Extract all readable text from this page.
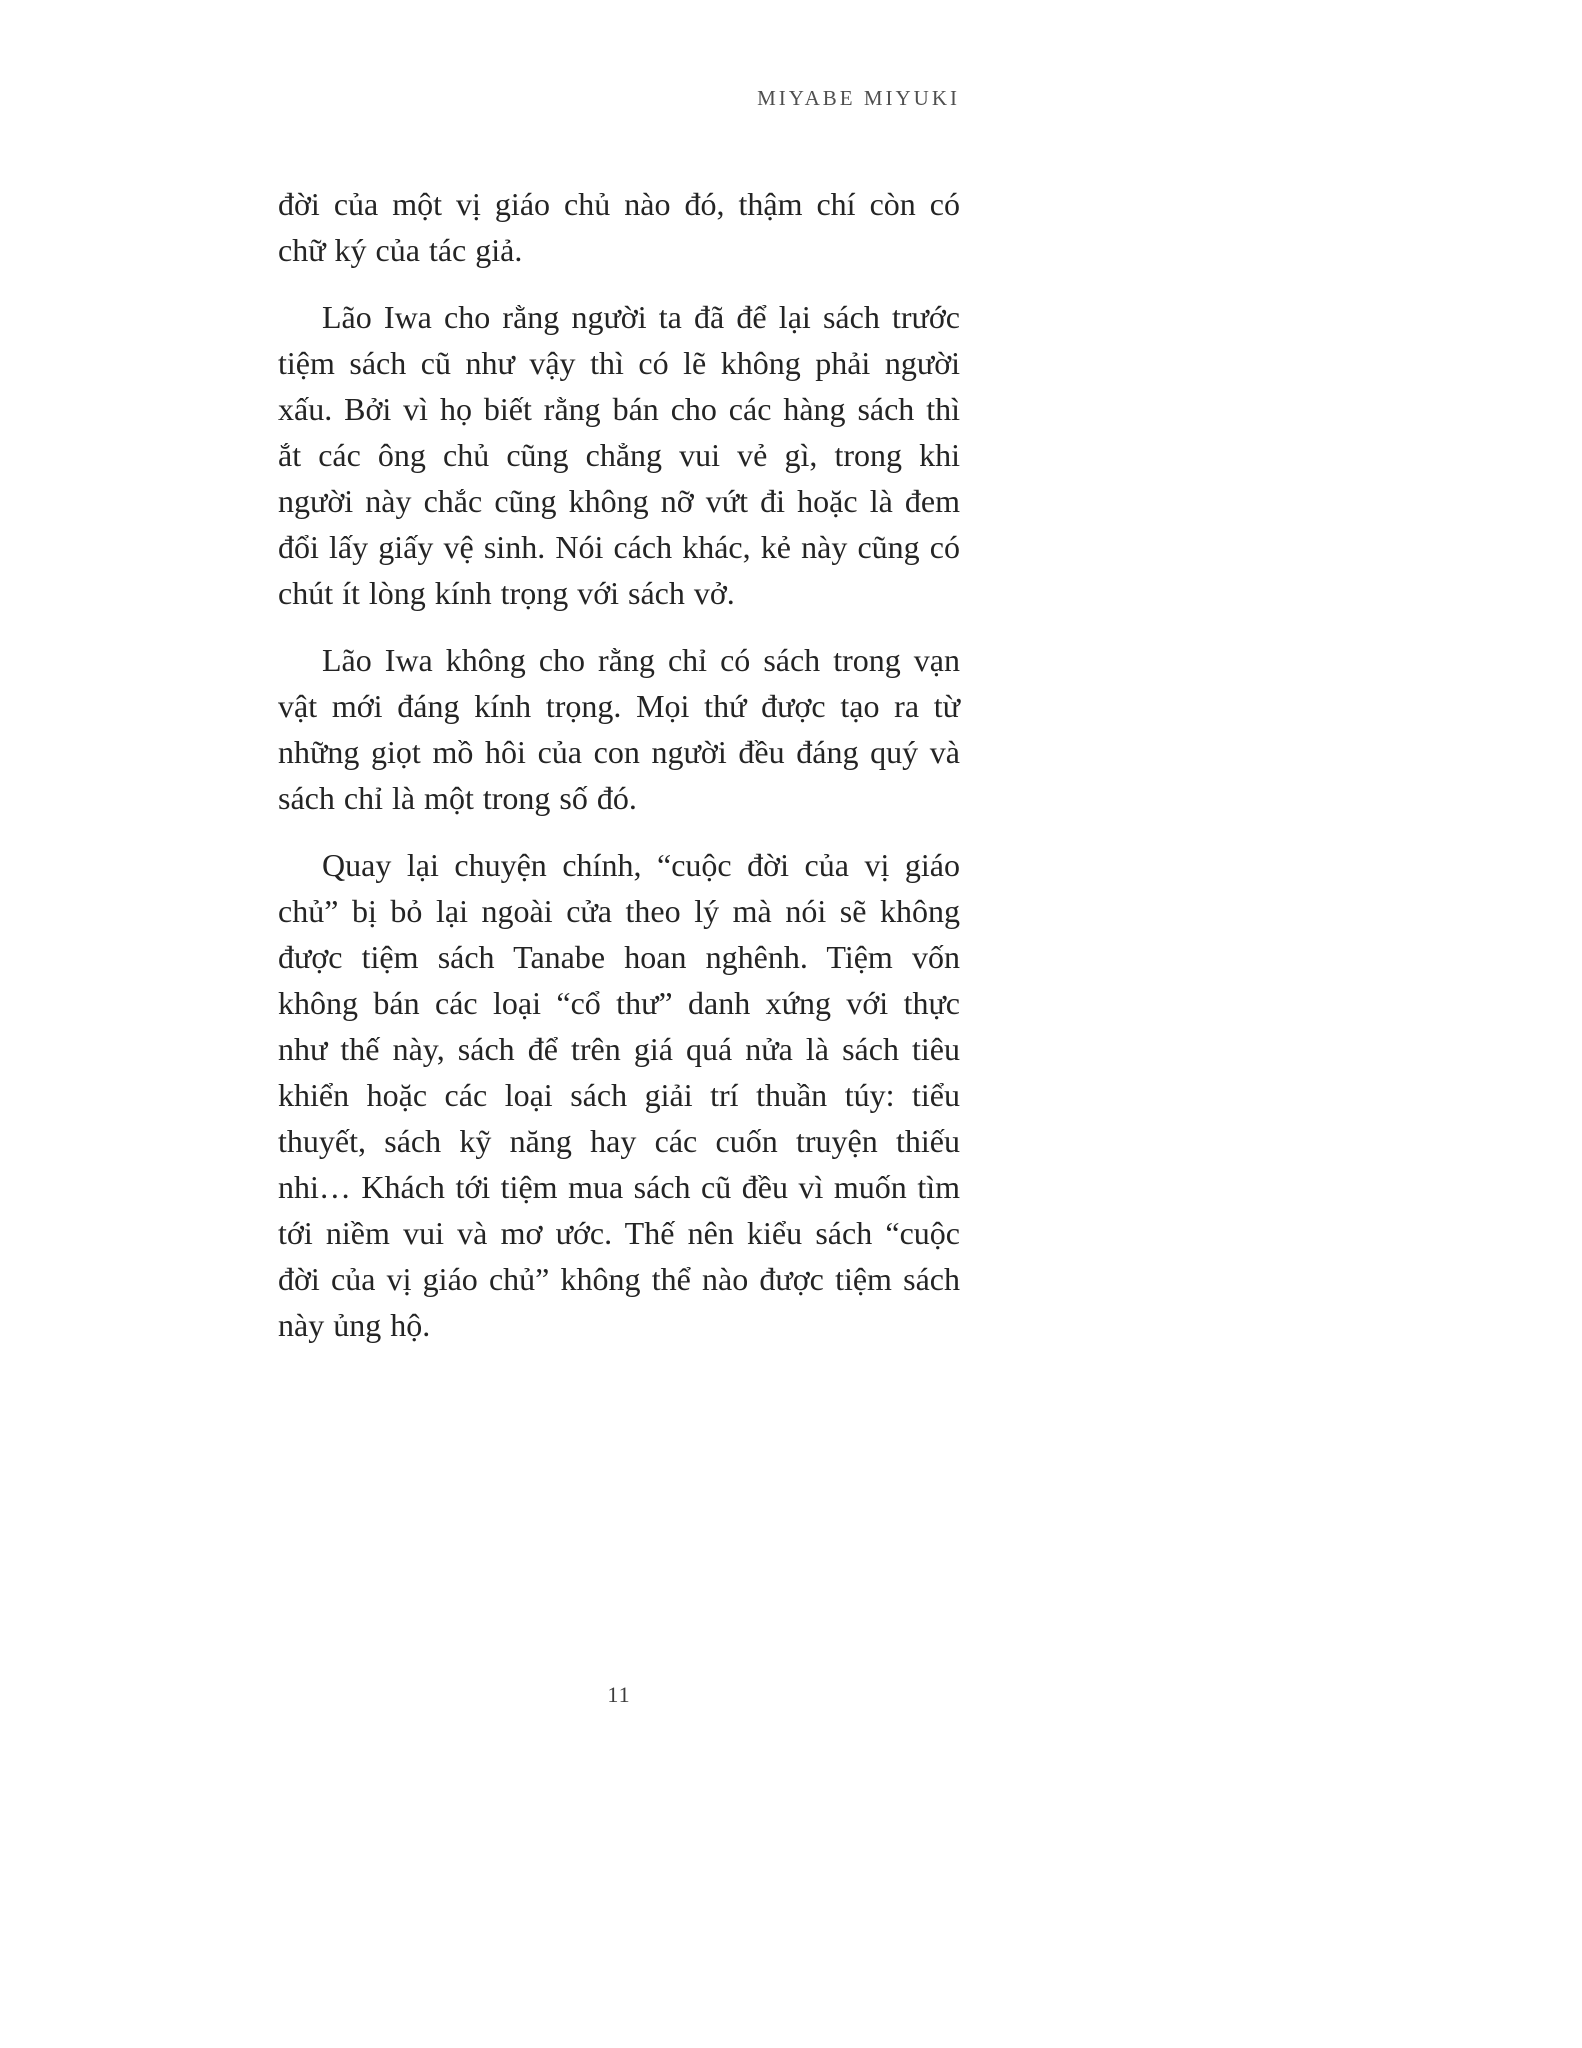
MIYABE MIYUKI

đời của một vị giáo chủ nào đó, thậm chí còn có chữ ký của tác giả.

Lão Iwa cho rằng người ta đã để lại sách trước tiệm sách cũ như vậy thì có lẽ không phải người xấu. Bởi vì họ biết rằng bán cho các hàng sách thì ắt các ông chủ cũng chẳng vui vẻ gì, trong khi người này chắc cũng không nỡ vứt đi hoặc là đem đổi lấy giấy vệ sinh. Nói cách khác, kẻ này cũng có chút ít lòng kính trọng với sách vở.

Lão Iwa không cho rằng chỉ có sách trong vạn vật mới đáng kính trọng. Mọi thứ được tạo ra từ những giọt mồ hôi của con người đều đáng quý và sách chỉ là một trong số đó.

Quay lại chuyện chính, “cuộc đời của vị giáo chủ” bị bỏ lại ngoài cửa theo lý mà nói sẽ không được tiệm sách Tanabe hoan nghênh. Tiệm vốn không bán các loại “cổ thư” danh xứng với thực như thế này, sách để trên giá quá nửa là sách tiêu khiển hoặc các loại sách giải trí thuần túy: tiểu thuyết, sách kỹ năng hay các cuốn truyện thiếu nhi… Khách tới tiệm mua sách cũ đều vì muốn tìm tới niềm vui và mơ ước. Thế nên kiểu sách “cuộc đời của vị giáo chủ” không thể nào được tiệm sách này ủng hộ.

11
